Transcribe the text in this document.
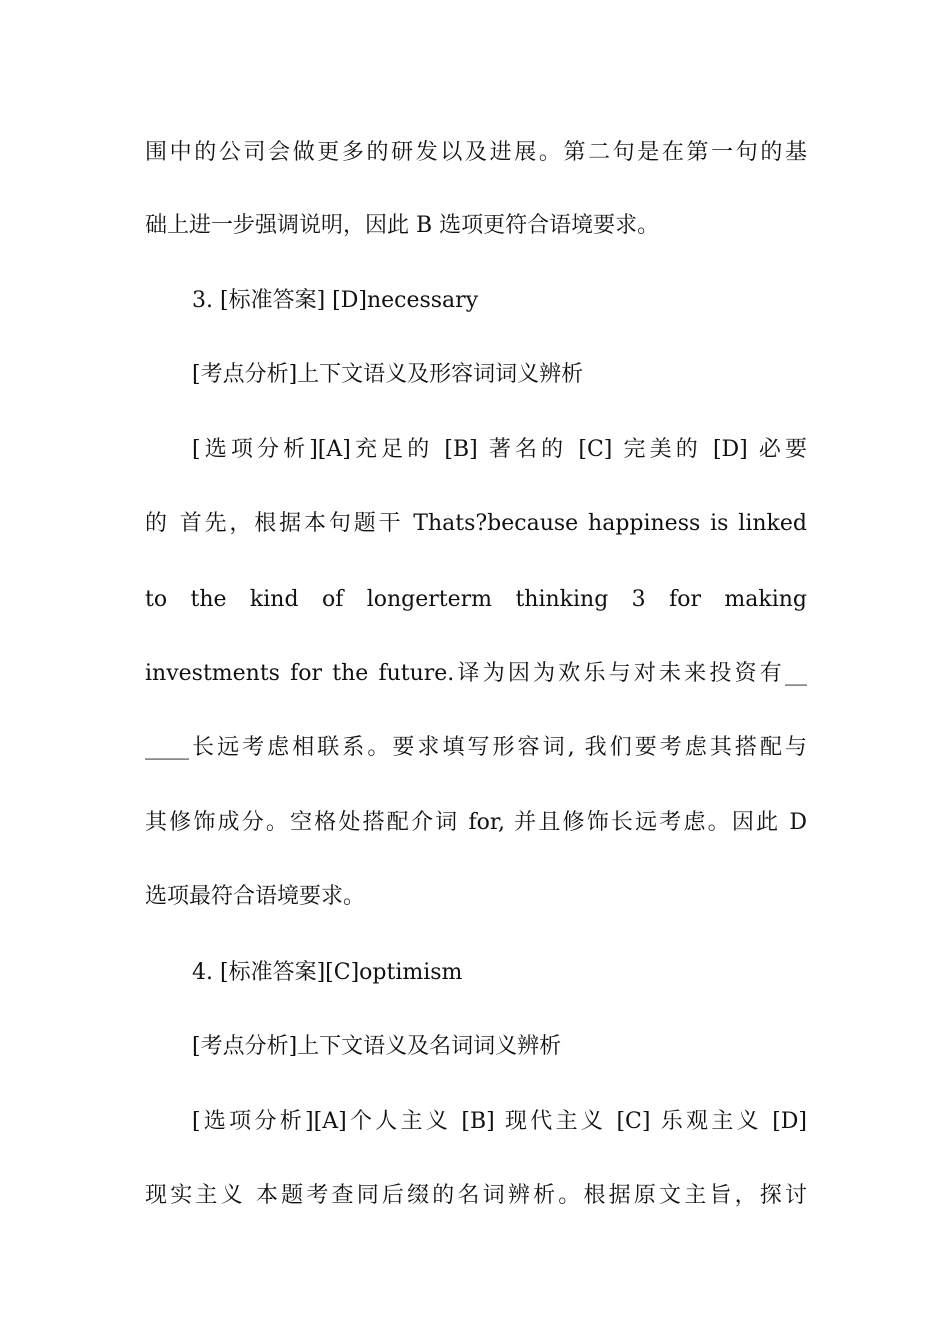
围中的公司会做更多的研发以及进展。第二句是在第一句的基
础上进一步强调说明，因此 B 选项更符合语境要求。
3. [标准答案] [D]necessary
[考点分析]上下文语义及形容词词义辨析
[选项分析][A]充足的 [B] 著名的 [C] 完美的 [D] 必要
的 首先，根据本句题干 Thats?because happiness is linked
to the kind of longerterm thinking 3 for making
investments for the future.译为因为欢乐与对未来投资有__
____长远考虑相联系。要求填写形容词, 我们要考虑其搭配与
其修饰成分。空格处搭配介词 for, 并且修饰长远考虑。因此 D
选项最符合语境要求。
4. [标准答案][C]optimism
[考点分析]上下文语义及名词词义辨析
[选项分析][A]个人主义 [B] 现代主义 [C] 乐观主义 [D]
现实主义 本题考查同后缀的名词辨析。根据原文主旨，探讨
